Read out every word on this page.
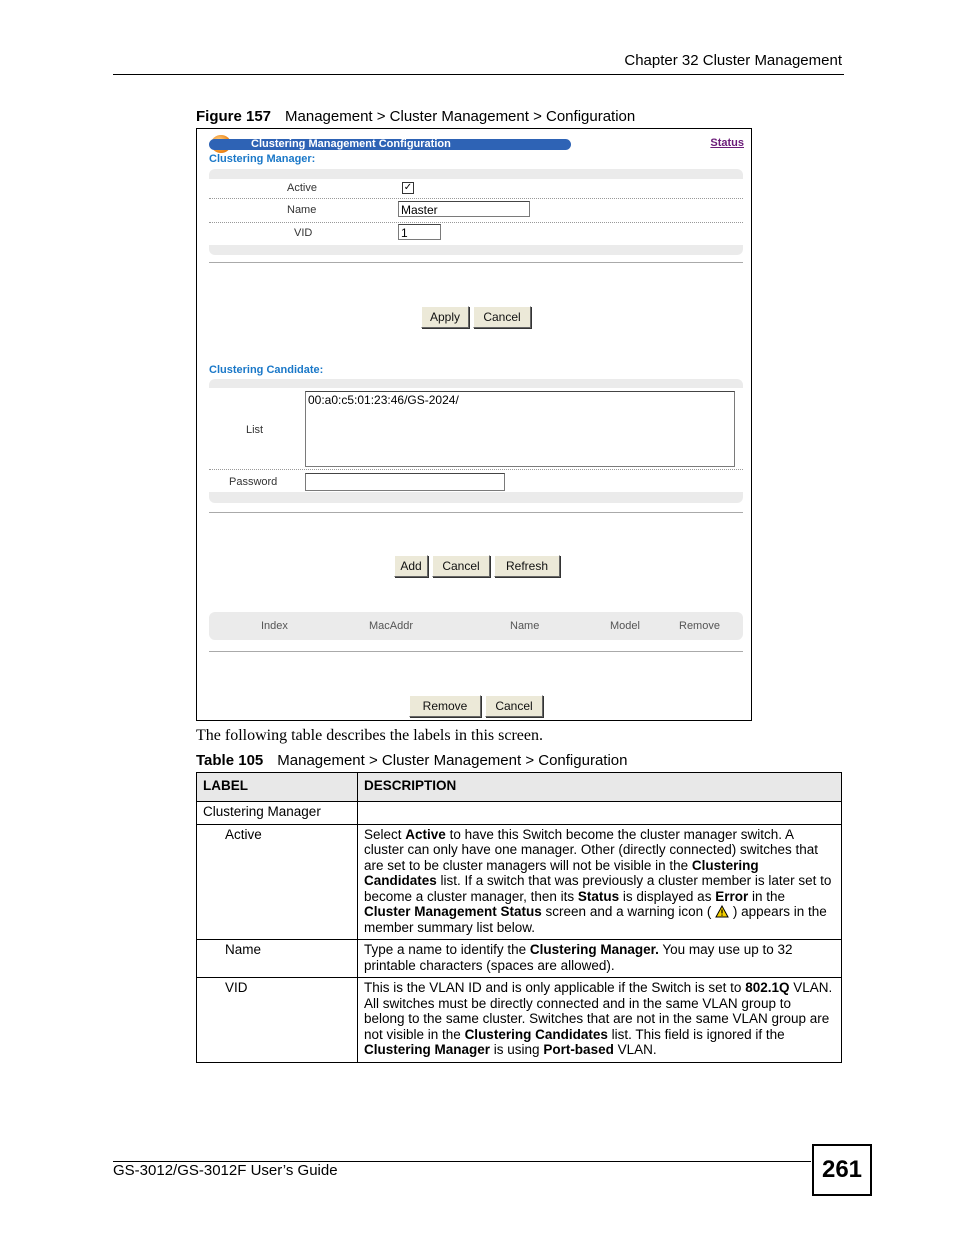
Chapter 32 Cluster Management
Figure 157 Management > Cluster Management > Configuration
Clustering Management Configuration	Status
Clustering Manager:
Active	✓
Name	Master
VID	1
Apply	Cancel
Clustering Candidate:
List
00:a0:c5:01:23:46/GS-2024/
Password
Add	Cancel	Refresh
Index	MacAddr	Name	Model	Remove
Remove	Cancel
The following table describes the labels in this screen.
Table 105 Management > Cluster Management > Configuration
LABEL	DESCRIPTION
Clustering Manager	
Active	Select Active to have this Switch become the cluster manager switch. A cluster can only have one manager. Other (directly connected) switches that are set to be cluster managers will not be visible in the Clustering Candidates list. If a switch that was previously a cluster member is later set to become a cluster manager, then its Status is displayed as Error in the Cluster Management Status screen and a warning icon (  ) appears in the member summary list below.
Name	Type a name to identify the Clustering Manager. You may use up to 32 printable characters (spaces are allowed).
VID	This is the VLAN ID and is only applicable if the Switch is set to 802.1Q VLAN. All switches must be directly connected and in the same VLAN group to belong to the same cluster. Switches that are not in the same VLAN group are not visible in the Clustering Candidates list. This field is ignored if the Clustering Manager is using Port-based VLAN.
GS-3012/GS-3012F User’s Guide	261
